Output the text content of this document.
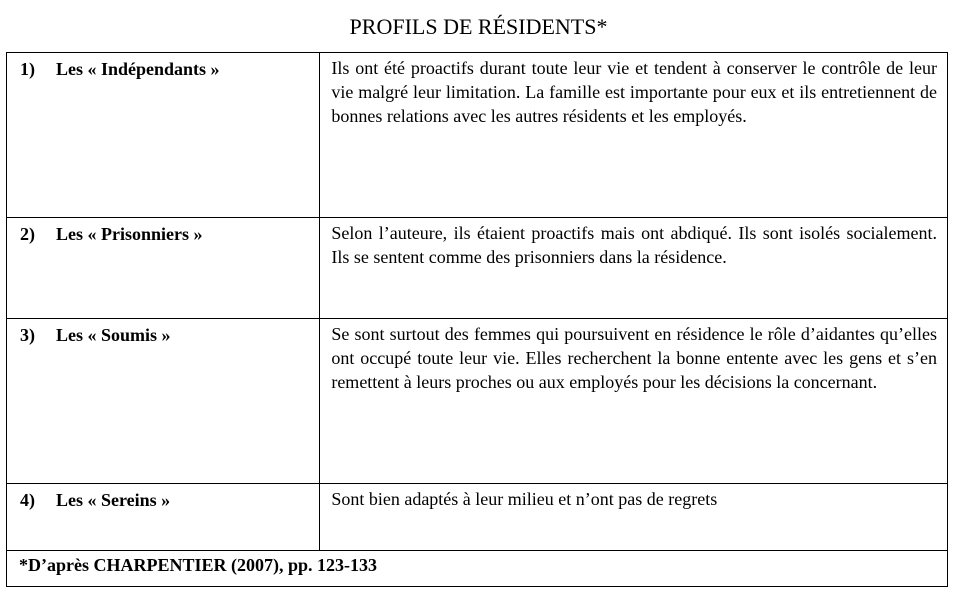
PROFILS DE RÉSIDENTS*
1) Les « Indépendants »	Ils ont été proactifs durant toute leur vie et tendent à conserver le contrôle de leur vie malgré leur limitation. La famille est importante pour eux et ils entretiennent de bonnes relations avec les autres résidents et les employés.
2) Les « Prisonniers »	Selon l’auteure, ils étaient proactifs mais ont abdiqué. Ils sont isolés socialement. Ils se sentent comme des prisonniers dans la résidence.
3) Les « Soumis »	Se sont surtout des femmes qui poursuivent en résidence le rôle d’aidantes qu’elles ont occupé toute leur vie. Elles recherchent la bonne entente avec les gens et s’en remettent à leurs proches ou aux employés pour les décisions la concernant.
4) Les « Sereins »	Sont bien adaptés à leur milieu et n’ont pas de regrets
*D’après CHARPENTIER (2007), pp. 123-133	
